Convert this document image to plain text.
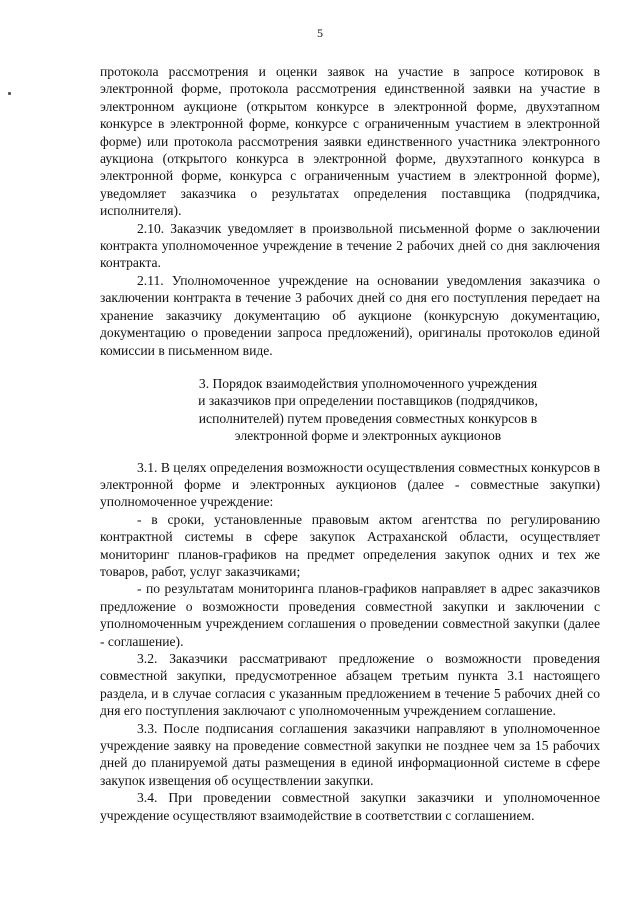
5

протокола рассмотрения и оценки заявок на участие в запросе котировок в электронной форме, протокола рассмотрения единственной заявки на участие в электронном аукционе (открытом конкурсе в электронной форме, двухэтапном конкурсе в электронной форме, конкурсе с ограниченным участием в электронной форме) или протокола рассмотрения заявки единственного участника электронного аукциона (открытого конкурса в электронной форме, двухэтапного конкурса в электронной форме, конкурса с ограниченным участием в электронной форме), уведомляет заказчика о результатах определения поставщика (подрядчика, исполнителя).

2.10. Заказчик уведомляет в произвольной письменной форме о заключении контракта уполномоченное учреждение в течение 2 рабочих дней со дня заключения контракта.

2.11. Уполномоченное учреждение на основании уведомления заказчика о заключении контракта в течение 3 рабочих дней со дня его поступления передает на хранение заказчику документацию об аукционе (конкурсную документацию, документацию о проведении запроса предложений), оригиналы протоколов единой комиссии в письменном виде.

3. Порядок взаимодействия уполномоченного учреждения
и заказчиков при определении поставщиков (подрядчиков,
исполнителей) путем проведения совместных конкурсов в
электронной форме и электронных аукционов

3.1. В целях определения возможности осуществления совместных конкурсов в электронной форме и электронных аукционов (далее - совместные закупки) уполномоченное учреждение:

- в сроки, установленные правовым актом агентства по регулированию контрактной системы в сфере закупок Астраханской области, осуществляет мониторинг планов-графиков на предмет определения закупок одних и тех же товаров, работ, услуг заказчиками;

- по результатам мониторинга планов-графиков направляет в адрес заказчиков предложение о возможности проведения совместной закупки и заключении с уполномоченным учреждением соглашения о проведении совместной закупки (далее - соглашение).

3.2. Заказчики рассматривают предложение о возможности проведения совместной закупки, предусмотренное абзацем третьим пункта 3.1 настоящего раздела, и в случае согласия с указанным предложением в течение 5 рабочих дней со дня его поступления заключают с уполномоченным учреждением соглашение.

3.3. После подписания соглашения заказчики направляют в уполномоченное учреждение заявку на проведение совместной закупки не позднее чем за 15 рабочих дней до планируемой даты размещения в единой информационной системе в сфере закупок извещения об осуществлении закупки.

3.4. При проведении совместной закупки заказчики и уполномоченное учреждение осуществляют взаимодействие в соответствии с соглашением.
